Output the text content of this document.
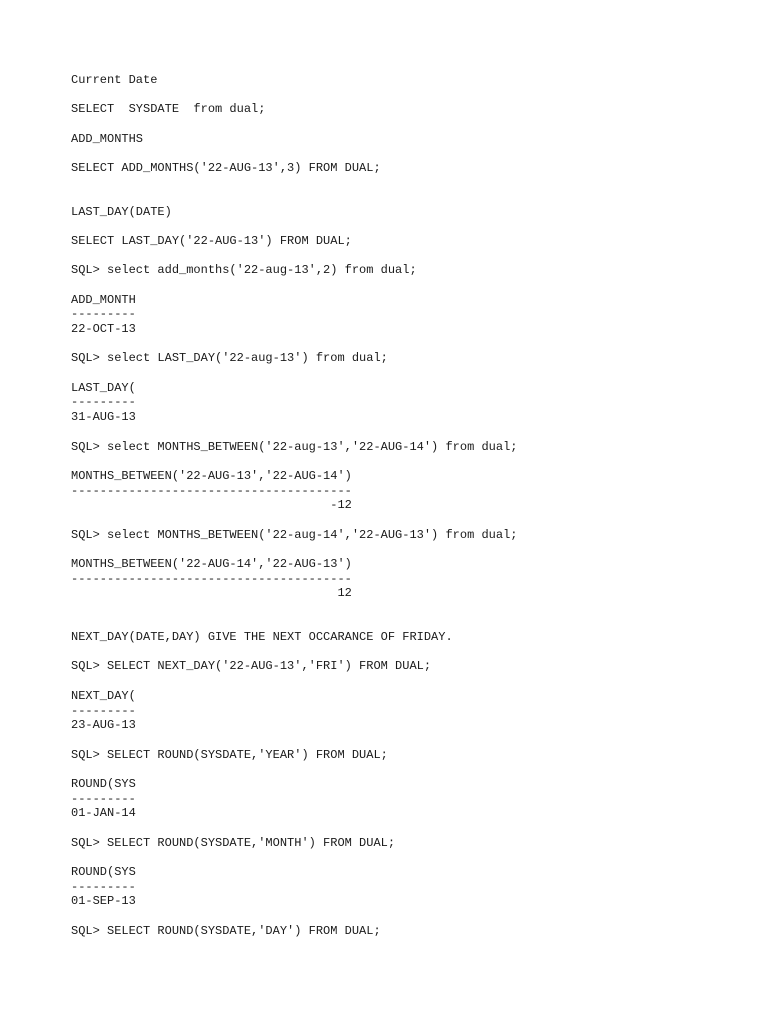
Current Date

SELECT  SYSDATE  from dual;

ADD_MONTHS

SELECT ADD_MONTHS('22-AUG-13',3) FROM DUAL;

LAST_DAY(DATE)

SELECT LAST_DAY('22-AUG-13') FROM DUAL;

SQL> select add_months('22-aug-13',2) from dual;

ADD_MONTH

---------

22-OCT-13

SQL> select LAST_DAY('22-aug-13') from dual;

LAST_DAY(

---------

31-AUG-13

SQL> select MONTHS_BETWEEN('22-aug-13','22-AUG-14') from dual;

MONTHS_BETWEEN('22-AUG-13','22-AUG-14')

---------------------------------------

-12

SQL> select MONTHS_BETWEEN('22-aug-14','22-AUG-13') from dual;

MONTHS_BETWEEN('22-AUG-14','22-AUG-13')

---------------------------------------

12

NEXT_DAY(DATE,DAY) GIVE THE NEXT OCCARANCE OF FRIDAY.

SQL> SELECT NEXT_DAY('22-AUG-13','FRI') FROM DUAL;

NEXT_DAY(

---------

23-AUG-13

SQL> SELECT ROUND(SYSDATE,'YEAR') FROM DUAL;

ROUND(SYS

---------

01-JAN-14

SQL> SELECT ROUND(SYSDATE,'MONTH') FROM DUAL;

ROUND(SYS

---------

01-SEP-13

SQL> SELECT ROUND(SYSDATE,'DAY') FROM DUAL;
